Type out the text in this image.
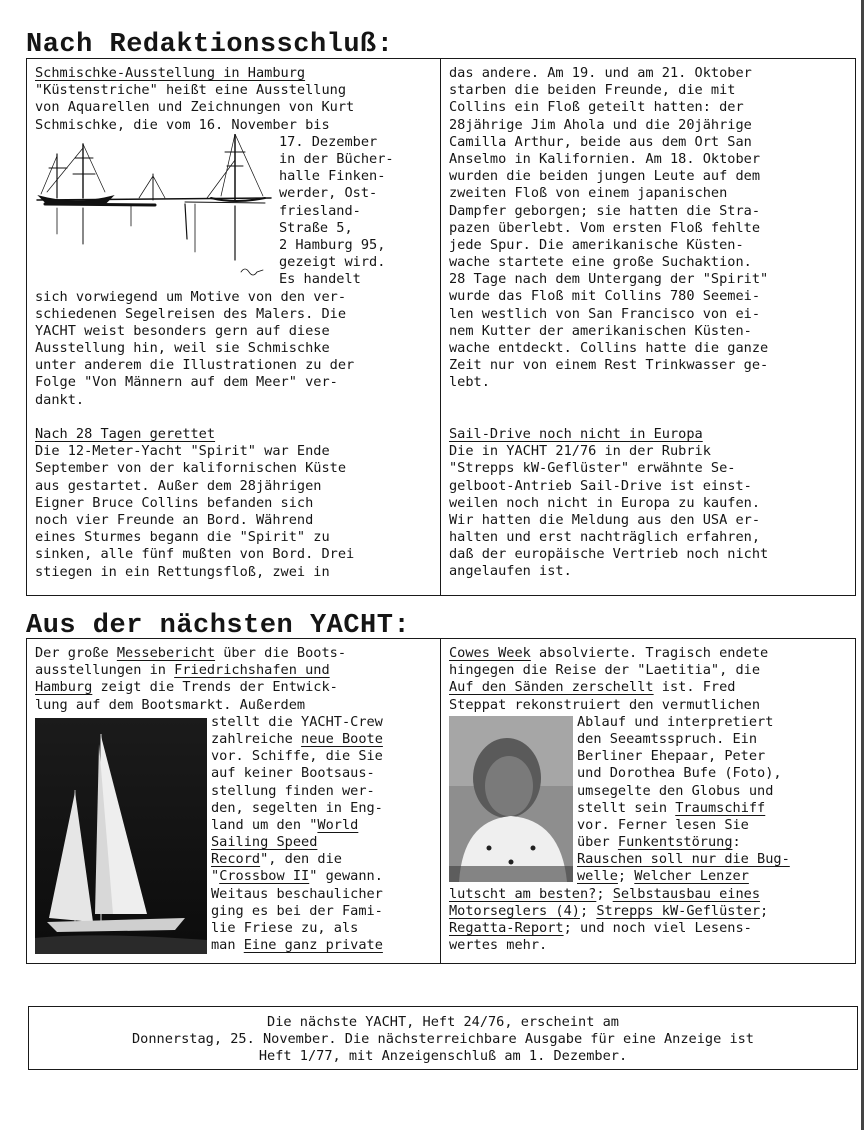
Nach Redaktionsschluß:
Schmischke-Ausstellung in Hamburg
"Küstenstriche" heißt eine Ausstellung
von Aquarellen und Zeichnungen von Kurt
Schmischke, die vom 16. November bis
17. Dezember
in der Bücher-
halle Finken-
werder, Ost-
friesland-
Straße 5,
2 Hamburg 95,
gezeigt wird.
Es handelt
sich vorwiegend um Motive von den ver-
schiedenen Segelreisen des Malers. Die
YACHT weist besonders gern auf diese
Ausstellung hin, weil sie Schmischke
unter anderem die Illustrationen zu der
Folge "Von Männern auf dem Meer" ver-
dankt.
Nach 28 Tagen gerettet
Die 12-Meter-Yacht "Spirit" war Ende
September von der kalifornischen Küste
aus gestartet. Außer dem 28jährigen
Eigner Bruce Collins befanden sich
noch vier Freunde an Bord. Während
eines Sturmes begann die "Spirit" zu
sinken, alle fünf mußten von Bord. Drei
stiegen in ein Rettungsfloß, zwei in
das andere. Am 19. und am 21. Oktober
starben die beiden Freunde, die mit
Collins ein Floß geteilt hatten: der
28jährige Jim Ahola und die 20jährige
Camilla Arthur, beide aus dem Ort San
Anselmo in Kalifornien. Am 18. Oktober
wurden die beiden jungen Leute auf dem
zweiten Floß von einem japanischen
Dampfer geborgen; sie hatten die Stra-
pazen überlebt. Vom ersten Floß fehlte
jede Spur. Die amerikanische Küsten-
wache startete eine große Suchaktion.
28 Tage nach dem Untergang der "Spirit"
wurde das Floß mit Collins 780 Seemei-
len westlich von San Francisco von ei-
nem Kutter der amerikanischen Küsten-
wache entdeckt. Collins hatte die ganze
Zeit nur von einem Rest Trinkwasser ge-
lebt.
Sail-Drive noch nicht in Europa
Die in YACHT 21/76 in der Rubrik
"Strepps kW-Geflüster" erwähnte Se-
gelboot-Antrieb Sail-Drive ist einst-
weilen noch nicht in Europa zu kaufen.
Wir hatten die Meldung aus den USA er-
halten und erst nachträglich erfahren,
daß der europäische Vertrieb noch nicht
angelaufen ist.
Aus der nächsten YACHT:
Der große Messebericht über die Boots-
ausstellungen in Friedrichshafen und
Hamburg zeigt die Trends der Entwick-
lung auf dem Bootsmarkt. Außerdem
stellt die YACHT-Crew
zahlreiche neue Boote
vor. Schiffe, die Sie
auf keiner Bootsaus-
stellung finden wer-
den, segelten in Eng-
land um den "World
Sailing Speed
Record", den die
"Crossbow II" gewann.
Weitaus beschaulicher
ging es bei der Fami-
lie Friese zu, als
man Eine ganz private
Cowes Week absolvierte. Tragisch endete
hingegen die Reise der "Laetitia", die
Auf den Sänden zerschellt ist. Fred
Steppat rekonstruiert den vermutlichen
Ablauf und interpretiert
den Seeamtsspruch. Ein
Berliner Ehepaar, Peter
und Dorothea Bufe (Foto),
umsegelte den Globus und
stellt sein Traumschiff
vor. Ferner lesen Sie
über Funkentstörung:
Rauschen soll nur die Bug-
welle; Welcher Lenzer
lutscht am besten?; Selbstausbau eines
Motorseglers (4); Strepps kW-Geflüster;
Regatta-Report; und noch viel Lesens-
wertes mehr.
Die nächste YACHT, Heft 24/76, erscheint am
Donnerstag, 25. November. Die nächsterreichbare Ausgabe für eine Anzeige ist
Heft 1/77, mit Anzeigenschluß am 1. Dezember.
